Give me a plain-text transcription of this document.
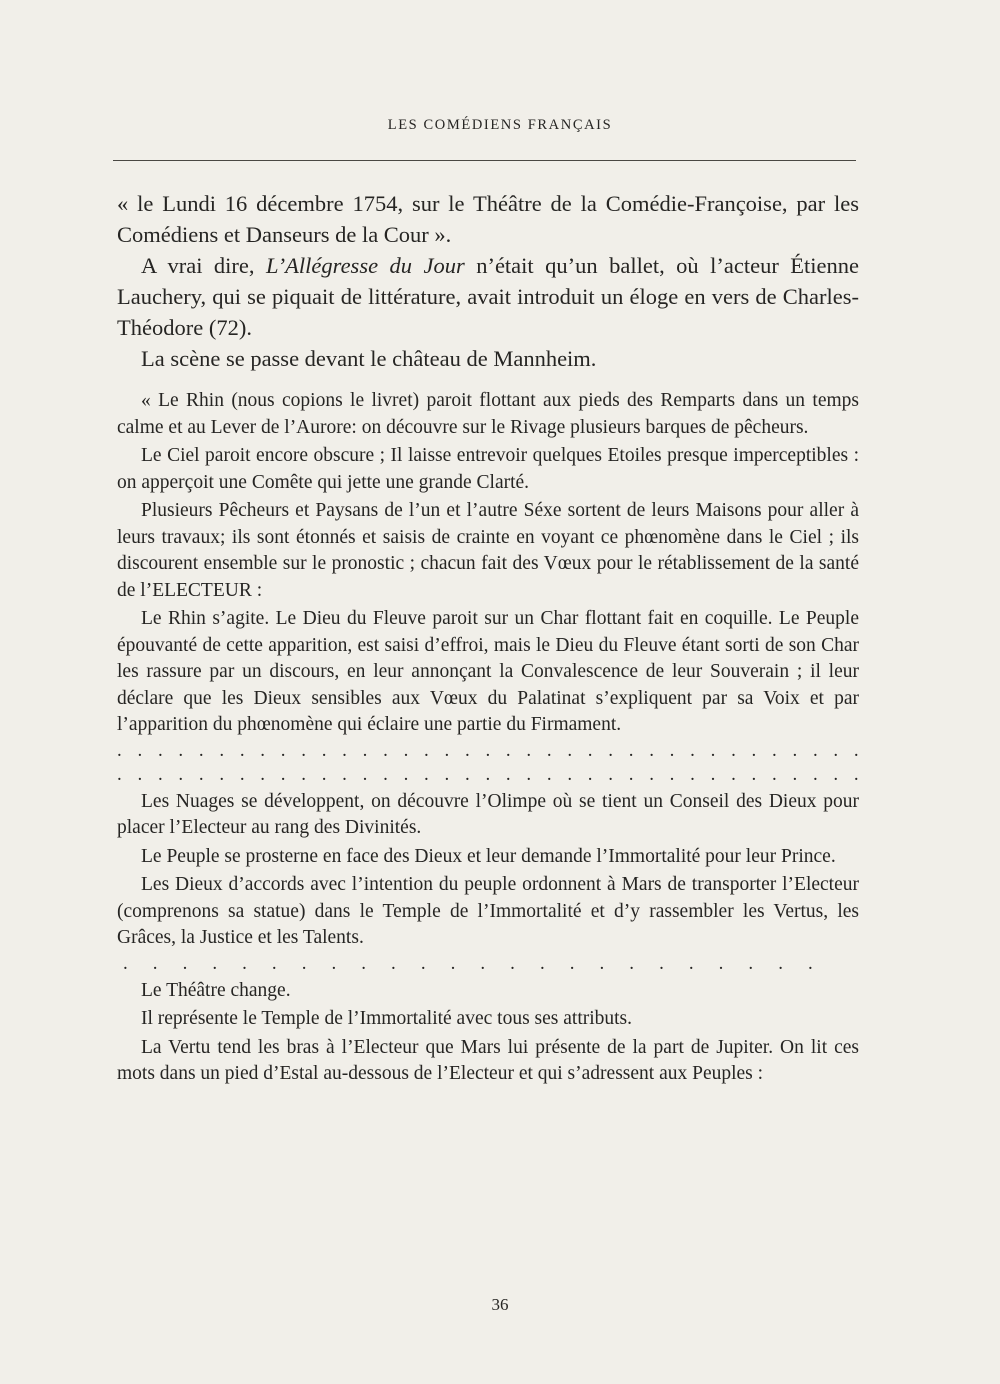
LES COMÉDIENS FRANÇAIS

« le Lundi 16 décembre 1754, sur le Théâtre de la Comédie-Françoise, par les Comédiens et Danseurs de la Cour ».

A vrai dire, L’Allégresse du Jour n’était qu’un ballet, où l’acteur Étienne Lauchery, qui se piquait de littérature, avait introduit un éloge en vers de Charles-Théodore (72).

La scène se passe devant le château de Mannheim.

« Le Rhin (nous copions le livret) paroit flottant aux pieds des Remparts dans un temps calme et au Lever de l’Aurore: on découvre sur le Rivage plusieurs barques de pêcheurs.

Le Ciel paroit encore obscure ; Il laisse entrevoir quelques Etoiles presque imperceptibles : on apperçoit une Comête qui jette une grande Clarté.

Plusieurs Pêcheurs et Paysans de l’un et l’autre Séxe sortent de leurs Maisons pour aller à leurs travaux; ils sont étonnés et saisis de crainte en voyant ce phœnomène dans le Ciel ; ils discourent ensemble sur le pronostic ; chacun fait des Vœux pour le rétablissement de la santé de l’ELECTEUR :

Le Rhin s’agite. Le Dieu du Fleuve paroit sur un Char flottant fait en coquille. Le Peuple épouvanté de cette apparition, est saisi d’effroi, mais le Dieu du Fleuve étant sorti de son Char les rassure par un discours, en leur annonçant la Convalescence de leur Souverain ; il leur déclare que les Dieux sensibles aux Vœux du Palatinat s’expliquent par sa Voix et par l’apparition du phœnomène qui éclaire une partie du Firmament.

. . . . . . . . . . . . . . . . . . . . . . . . . . . . . . . . . . . . .
. . . . . . . . . . . . . . . . . . . . . . . . . . . . . . . . . . . . .

Les Nuages se développent, on découvre l’Olimpe où se tient un Conseil des Dieux pour placer l’Electeur au rang des Divinités.

Le Peuple se prosterne en face des Dieux et leur demande l’Immortalité pour leur Prince.

Les Dieux d’accords avec l’intention du peuple ordonnent à Mars de transporter l’Electeur (comprenons sa statue) dans le Temple de l’Immortalité et d’y rassembler les Vertus, les Grâces, la Justice et les Talents.

. . . . . . . . . . . . . . . . . . . . . . . .

Le Théâtre change.

Il représente le Temple de l’Immortalité avec tous ses attributs.

La Vertu tend les bras à l’Electeur que Mars lui présente de la part de Jupiter. On lit ces mots dans un pied d’Estal au-dessous de l’Electeur et qui s’adressent aux Peuples :

36
